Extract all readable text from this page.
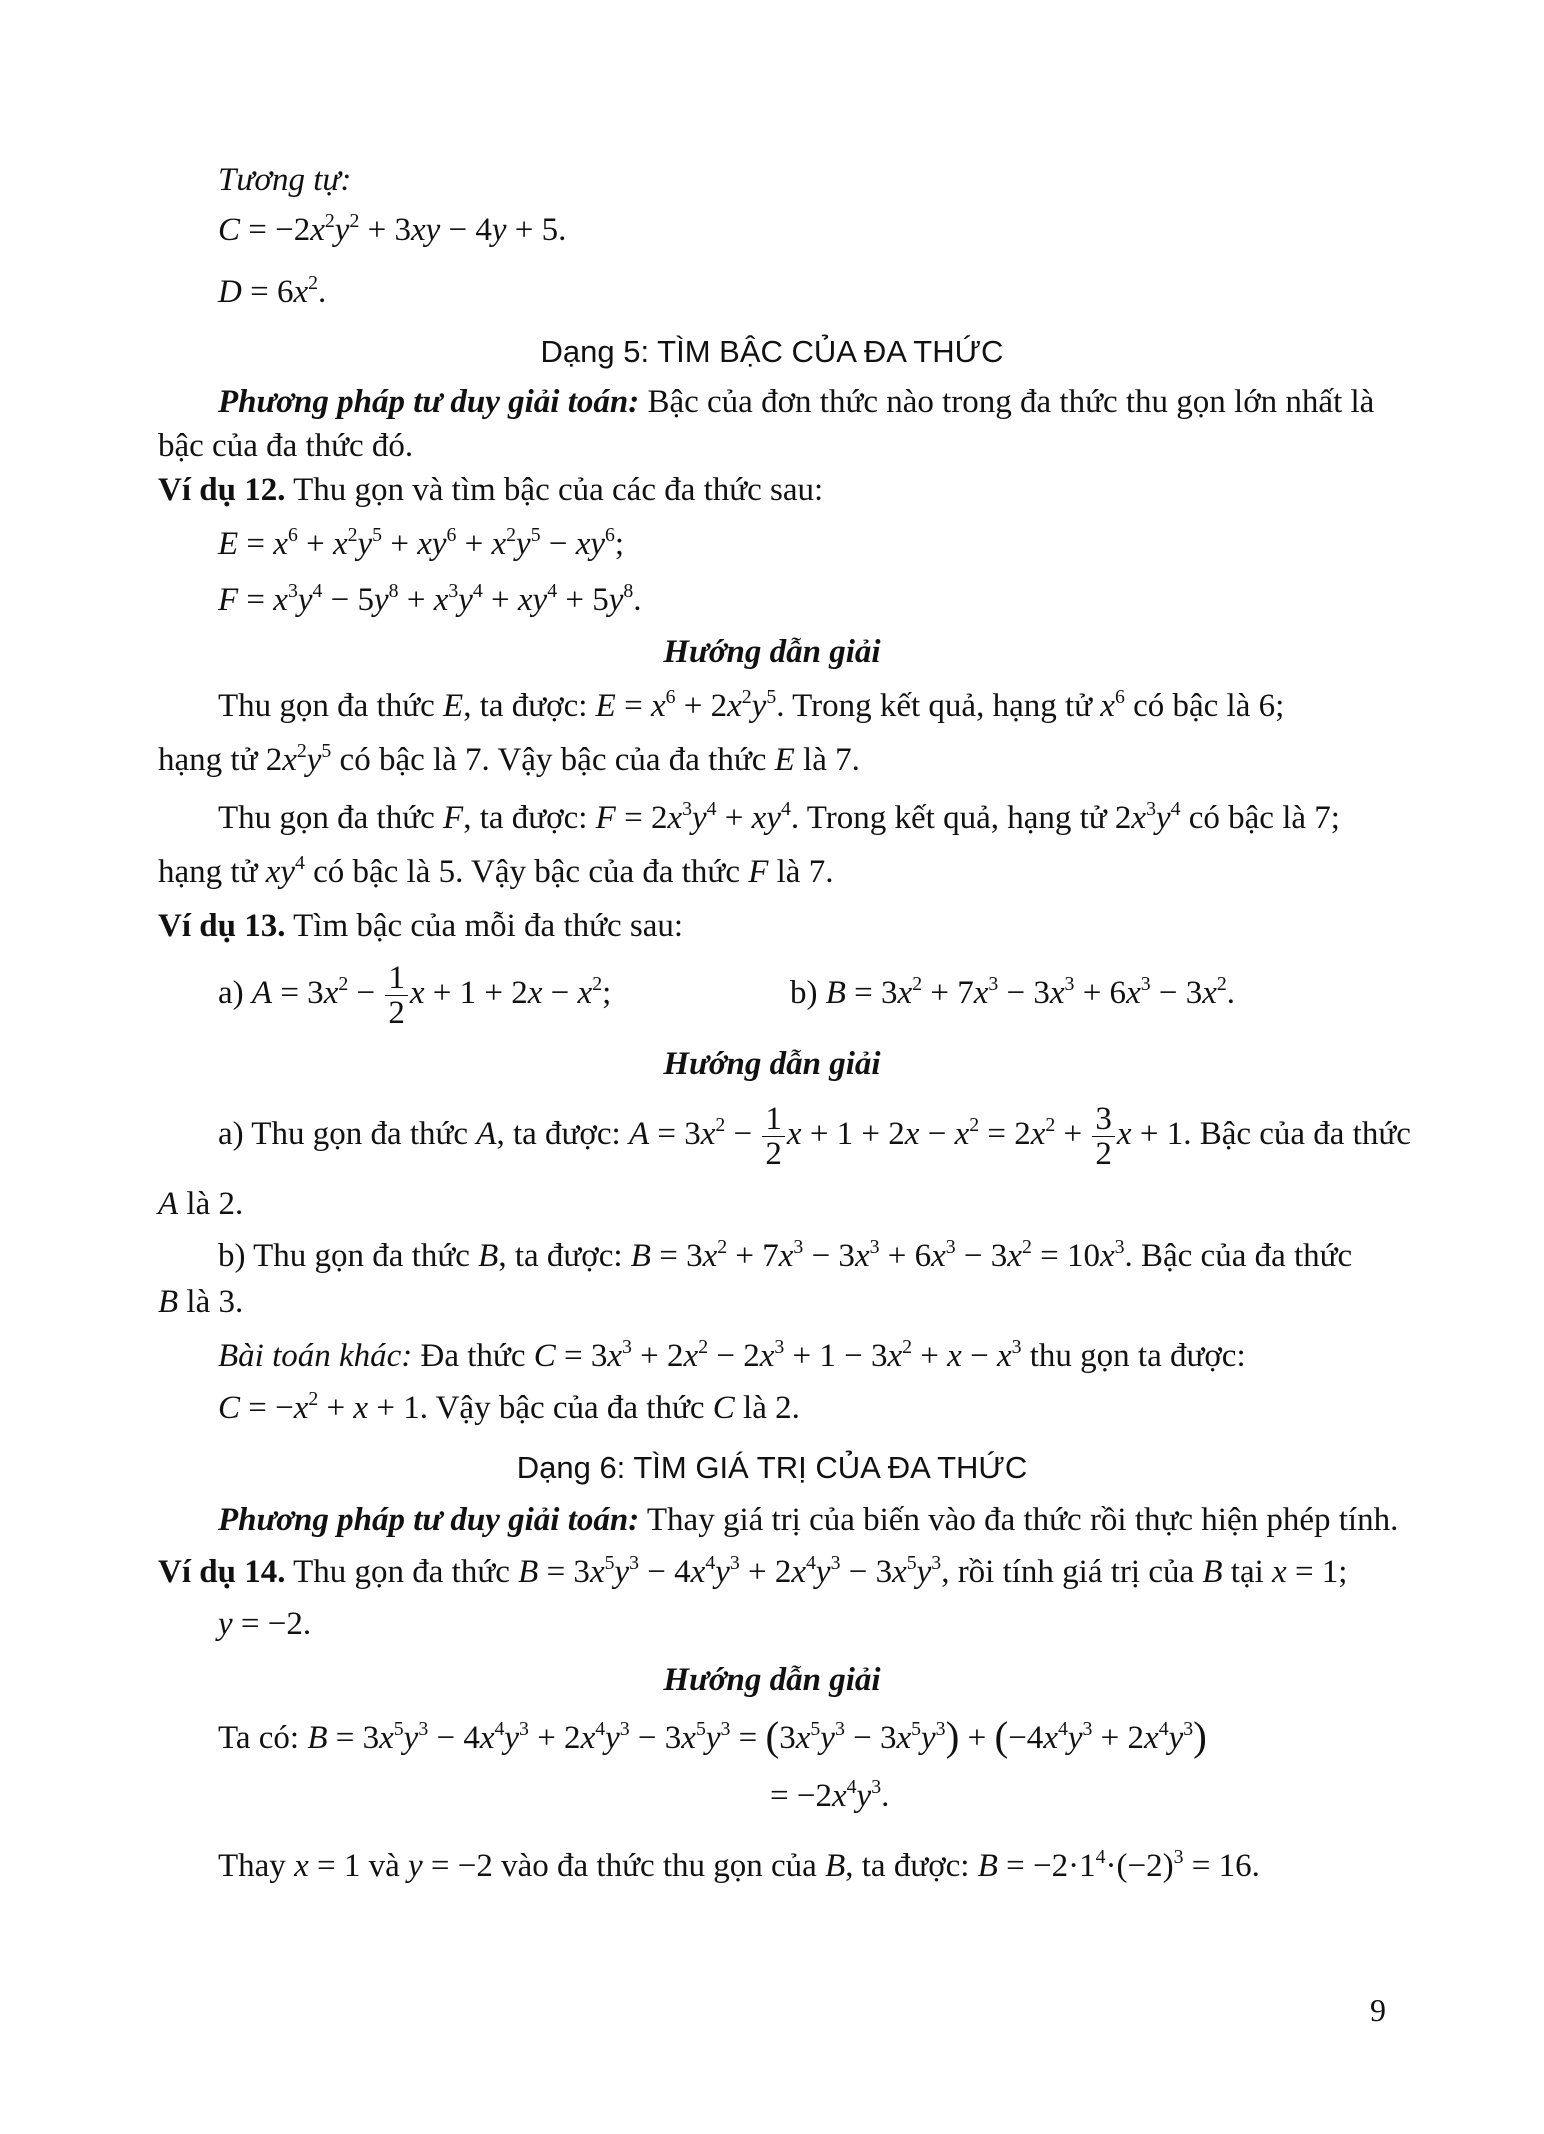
Tương tự:
$C = -2x^2y^2 + 3xy - 4y + 5$.
$D = 6x^2$.
Dạng 5: TÌM BẬC CỦA ĐA THỨC
Phương pháp tư duy giải toán: Bậc của đơn thức nào trong đa thức thu gọn lớn nhất là
bậc của đa thức đó.
Ví dụ 12. Thu gọn và tìm bậc của các đa thức sau:
$E = x^6 + x^2y^5 + xy^6 + x^2y^5 - xy^6$;
$F = x^3y^4 - 5y^8 + x^3y^4 + xy^4 + 5y^8$.
Hướng dẫn giải
Thu gọn đa thức E, ta được: $E = x^6 + 2x^2y^5$. Trong kết quả, hạng tử $x^6$ có bậc là 6;
hạng tử $2x^2y^5$ có bậc là 7. Vậy bậc của đa thức E là 7.
Thu gọn đa thức F, ta được: $F = 2x^3y^4 + xy^4$. Trong kết quả, hạng tử $2x^3y^4$ có bậc là 7;
hạng tử $xy^4$ có bậc là 5. Vậy bậc của đa thức F là 7.
Ví dụ 13. Tìm bậc của mỗi đa thức sau:
a) $A = 3x^2 - \frac{1}{2}$ $x + 1 + 2x - x^2$;	b) $B = 3x^2 + 7x^3 - 3x^3 + 6x^3 - 3x^2$.
Hướng dẫn giải
a) Thu gọn đa thức A, ta được: $A = 3x^2 - \frac{1}{2}$ $x + 1 + 2x - x^2 = 2x^2 + \frac{3}{2}$ x + 1. Bậc của đa thức
A là 2.
b) Thu gọn đa thức B, ta được: $B = 3x^2 + 7x^3 - 3x^3 + 6x^3 - 3x^2 = 10x^3$. Bậc của đa thức
B là 3.
Bài toán khác: Đa thức $C = 3x^3 + 2x^2 - 2x^3 + 1 - 3x^2 + x - x^3$ thu gọn ta được:
$C = -x^2 + x + 1$. Vậy bậc của đa thức C là 2.
Dạng 6: TÌM GIÁ TRỊ CỦA ĐA THỨC
Phương pháp tư duy giải toán: Thay giá trị của biến vào đa thức rồi thực hiện phép tính.
Ví dụ 14. Thu gọn đa thức $B = 3x^5y^3 - 4x^4y^3 + 2x^4y^3 - 3x^5y^3$, rồi tính giá trị của B tại x = 1;
y = −2.
Hướng dẫn giải
Ta có: $B = 3x^5y^3 - 4x^4y^3 + 2x^4y^3 - 3x^5y^3 = (3x^5y^3 - 3x^5y^3) + (-4x^4y^3 + 2x^4y^3)$
= $-2x^4y^3$.
Thay x = 1 và y = −2 vào đa thức thu gọn của B, ta được: $B = -2\cdot 1^4\cdot(-2)^3 = 16$.
9
